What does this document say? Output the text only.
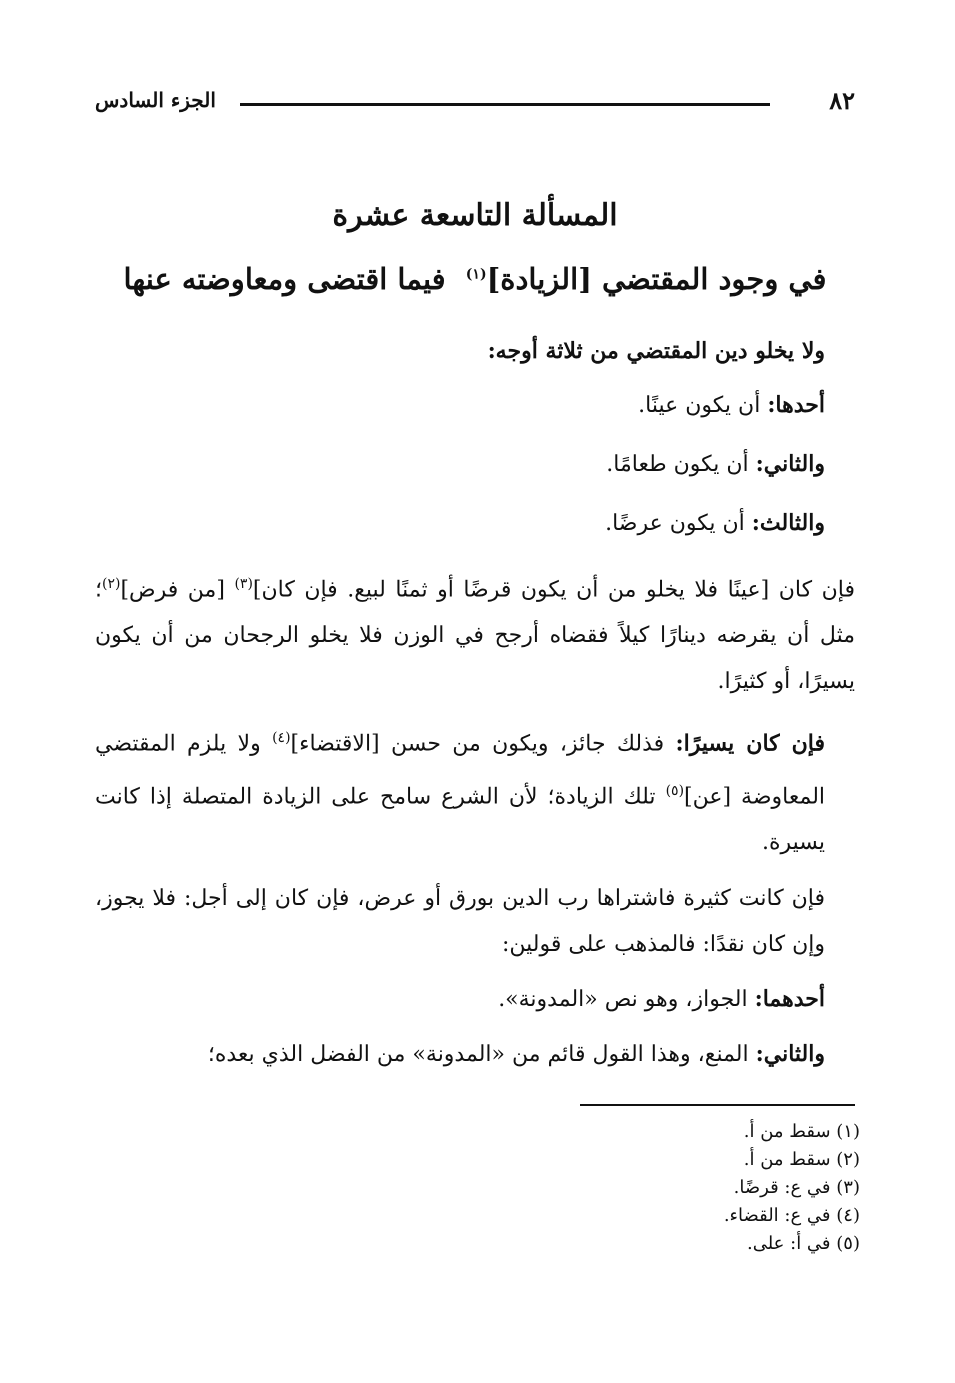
الجزء السادس	٨٢
المسألة التاسعة عشرة
في وجود المقتضي [الزيادة]$^{(١)}$  فيما اقتضى ومعاوضته عنها

ولا يخلو دين المقتضي من ثلاثة أوجه:

أحدها: أن يكون عينًا.

والثاني: أن يكون طعامًا.

والثالث: أن يكون عرضًا.

فإن كان [عينًا فلا يخلو من أن يكون قرضًا أو ثمنًا لبيع. فإن كان]$^{(٣)}$ [من فرض]$^{(٢)}$؛ مثل أن يقرضه دينارًا كيلاً فقضاه أرجح في الوزن فلا يخلو الرجحان من أن يكون يسيرًا، أو كثيرًا.

فإن كان يسيرًا: فذلك جائز، ويكون من حسن [الاقتضاء]$^{(٤)}$ ولا يلزم المقتضي المعاوضة [عن]$^{(٥)}$ تلك الزيادة؛ لأن الشرع سامح على الزيادة المتصلة إذا كانت يسيرة.

فإن كانت كثيرة فاشتراها رب الدين بورق أو عرض، فإن كان إلى أجل: فلا يجوز، وإن كان نقدًا: فالمذهب على قولين:

أحدهما: الجواز، وهو نص «المدونة».

والثاني: المنع، وهذا القول قائم من «المدونة» من الفضل الذي بعده؛

(١) سقط من أ.
(٢) سقط من أ.
(٣) في ع: قرضًا.
(٤) في ع: القضاء.
(٥) في أ: على.
